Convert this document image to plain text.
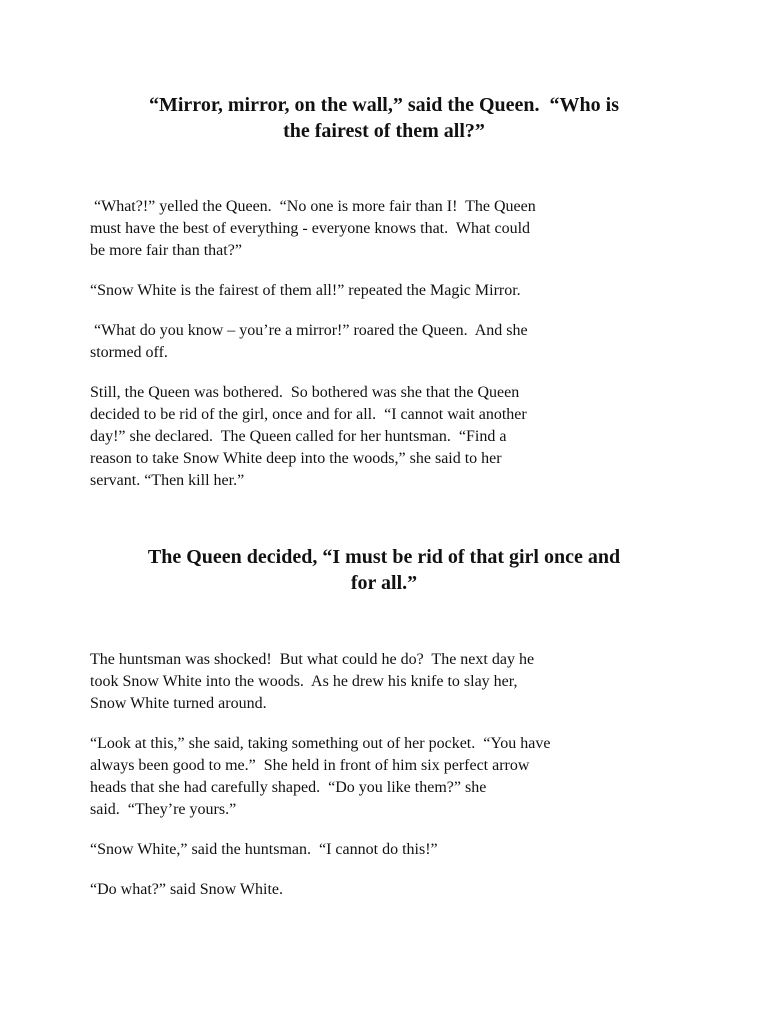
“Mirror, mirror, on the wall,” said the Queen.  “Who is
the fairest of them all?”

“What?!” yelled the Queen.  “No one is more fair than I!  The Queen
must have the best of everything - everyone knows that.  What could
be more fair than that?”

“Snow White is the fairest of them all!” repeated the Magic Mirror.

“What do you know – you’re a mirror!” roared the Queen.  And she
stormed off.

Still, the Queen was bothered.  So bothered was she that the Queen
decided to be rid of the girl, once and for all.  “I cannot wait another
day!” she declared.  The Queen called for her huntsman.  “Find a
reason to take Snow White deep into the woods,” she said to her
servant. “Then kill her.”

The Queen decided, “I must be rid of that girl once and
for all.”

The huntsman was shocked!  But what could he do?  The next day he
took Snow White into the woods.  As he drew his knife to slay her,
Snow White turned around.

“Look at this,” she said, taking something out of her pocket.  “You have
always been good to me.”  She held in front of him six perfect arrow
heads that she had carefully shaped.  “Do you like them?” she
said.  “They’re yours.”

“Snow White,” said the huntsman.  “I cannot do this!”

“Do what?” said Snow White.
